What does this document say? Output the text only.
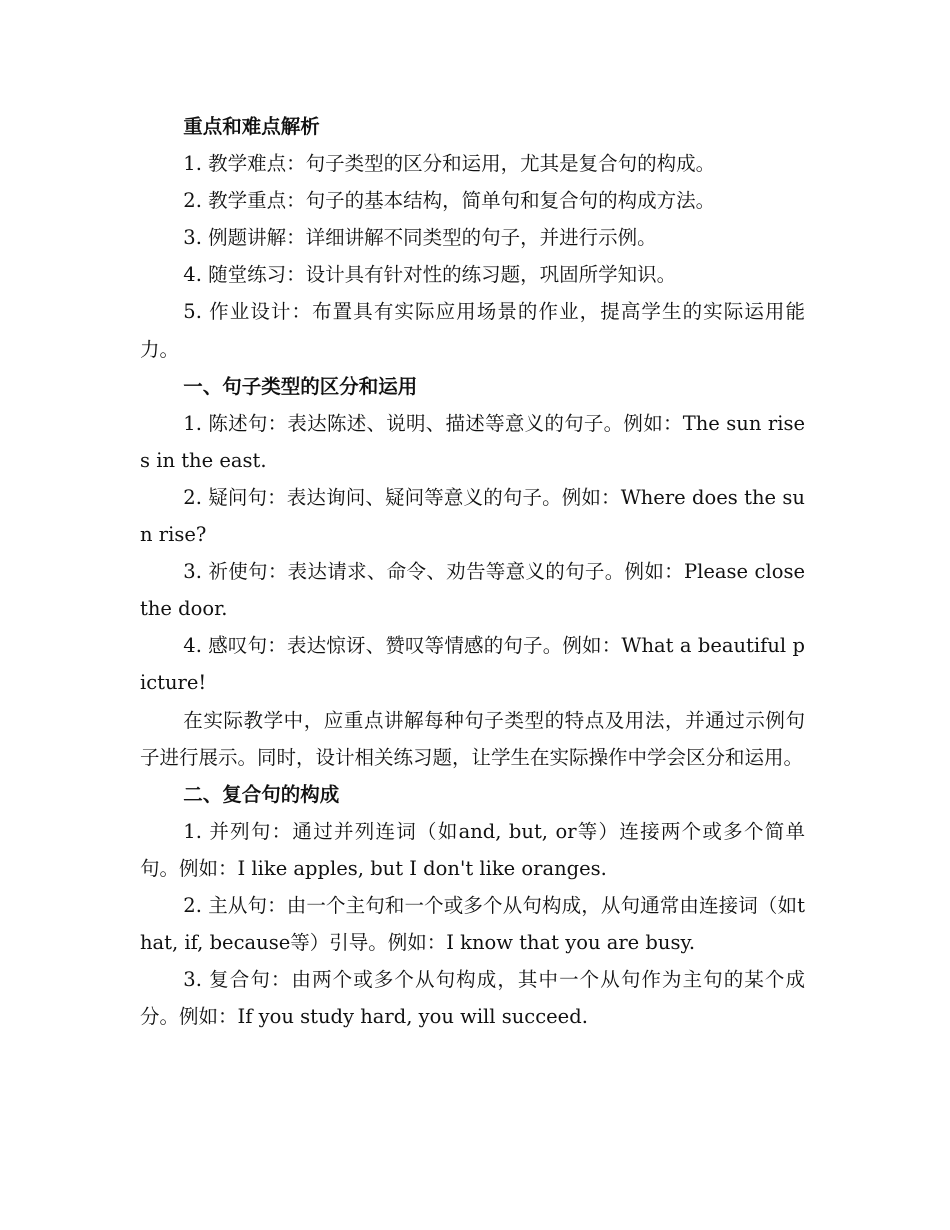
重点和难点解析

1. 教学难点：句子类型的区分和运用，尤其是复合句的构成。

2. 教学重点：句子的基本结构，简单句和复合句的构成方法。

3. 例题讲解：详细讲解不同类型的句子，并进行示例。

4. 随堂练习：设计具有针对性的练习题，巩固所学知识。

5. 作业设计：布置具有实际应用场景的作业，提高学生的实际运用能力。

一、句子类型的区分和运用

1. 陈述句：表达陈述、说明、描述等意义的句子。例如：The sun rises in the east.

2. 疑问句：表达询问、疑问等意义的句子。例如：Where does the sun rise?

3. 祈使句：表达请求、命令、劝告等意义的句子。例如：Please close the door.

4. 感叹句：表达惊讶、赞叹等情感的句子。例如：What a beautiful picture!

在实际教学中，应重点讲解每种句子类型的特点及用法，并通过示例句子进行展示。同时，设计相关练习题，让学生在实际操作中学会区分和运用。

二、复合句的构成

1. 并列句：通过并列连词（如and, but, or等）连接两个或多个简单句。例如：I like apples, but I don't like oranges.

2. 主从句：由一个主句和一个或多个从句构成，从句通常由连接词（如that, if, because等）引导。例如：I know that you are busy.

3. 复合句：由两个或多个从句构成，其中一个从句作为主句的某个成分。例如：If you study hard, you will succeed.
